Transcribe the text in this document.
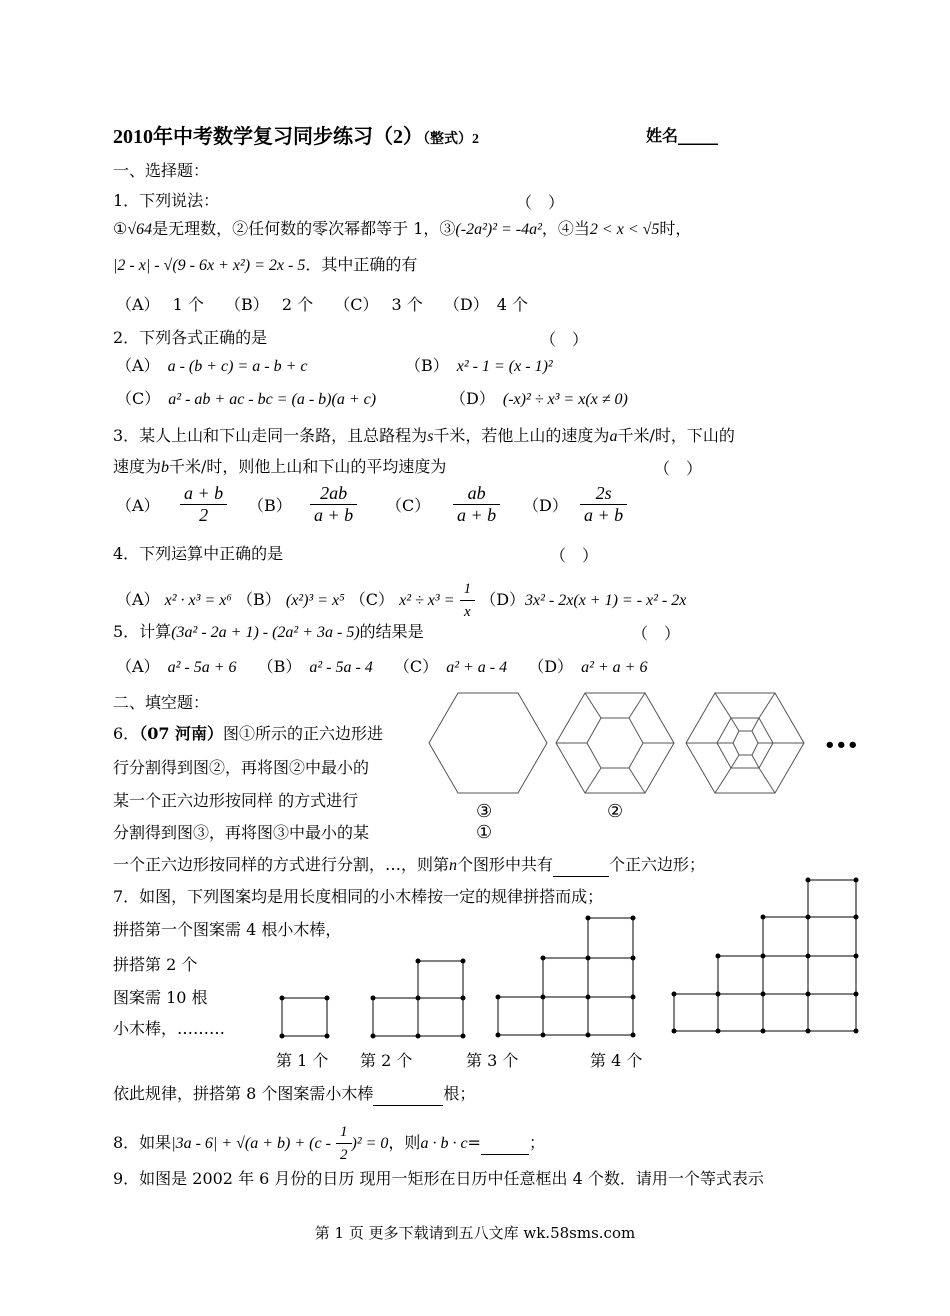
2010年中考数学复习同步练习（2）（整式）2	姓名_____
一、选择题：
1．下列说法：	（　）
①√64是无理数，②任何数的零次幂都等于 1，③(-2a²)² = -4a²，④当2 < x < √5时，
|2 - x| - √(9 - 6x + x²) = 2x - 5．其中正确的有
（A）　 1 个　 （B）　 2 个　 （C）　 3 个　 （D）　4 个
2．下列各式正确的是	（　）
（A）　 a - (b + c) = a - b + c	（B）　 x² - 1 = (x - 1)²
（C）　 a² - ab + ac - bc = (a - b)(a + c)	（D）　 (-x)² ÷ x³ = x(x ≠ 0)
3．某人上山和下山走同一条路，且总路程为s千米，若他上山的速度为a千米/时，下山的
速度为b千米/时，则他上山和下山的平均速度为	（　）
$(A) \frac{a + b}{2} (B) \frac{2ab}{a + b} (C) \frac{ab}{a + b} (D) \frac{2s}{a + b}$
4．下列运算中正确的是	（　）
（A） x² · x³ = x⁶ （B） (x²)³ = x⁵ （C） $x^2 \div x^3 = \frac{1}{x} (D)3x^2 - 2x(x + 1)$ = - x² - 2x
5．计算(3a² - 2a + 1) - (2a² + 3a - 5)的结果是	（　）
（A）　 a² - 5a + 6　 （B）　 a² - 5a - 4　 （C）　 a² + a - 4　 （D）　 a² + a + 6
二、填空题：
6．（07 河南）图①所示的正六边形进
行分割得到图②，再将图②中最小的
某一个正六边形按同样 的方式进行
分割得到图③，再将图③中最小的某
一个正六边形按同样的方式进行分割，…，则第n个图形中共有	个正六边形；
•••
③	②
①
7．如图，下列图案均是用长度相同的小木棒按一定的规律拼搭而成；
拼搭第一个图案需 4 根小木棒，
拼搭第 2 个
图案需 10 根
小木棒，………
第 1 个 第 2 个	第 3 个	第 4 个
依此规律，拼搭第 8 个图案需小木棒	根；
8．如果$|3a - 6| + √(a + b) + (c - \frac{1}{2} )^2 = 0$，则a · b · c=	；
9．如图是 2002 年 6 月份的日历 现用一矩形在日历中任意框出 4 个数．请用一个等式表示
第 1 页 更多下载请到五八文库 wk.58sms.com
